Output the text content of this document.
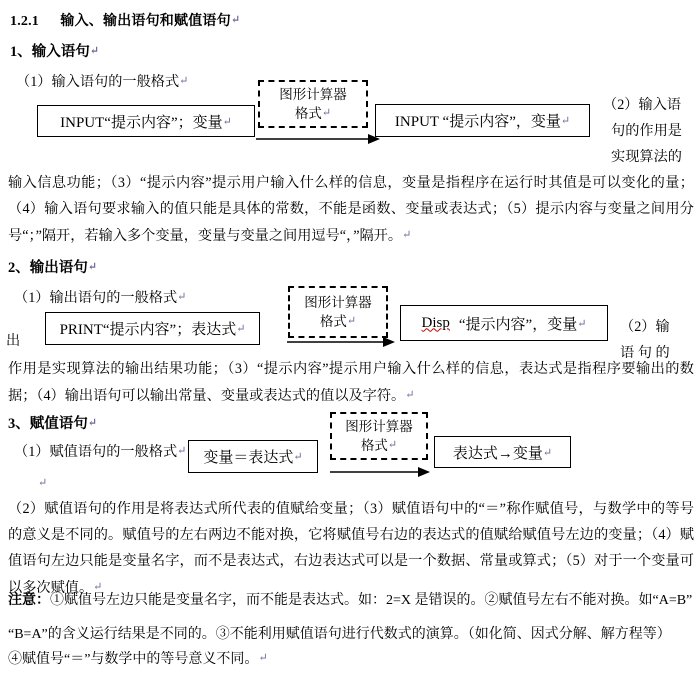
1.2.1 输入、输出语句和赋值语句↵
1、输入语句↵
（1）输入语句的一般格式↵
图形计算器
格式↵
INPUT“提示内容”；变量 ↵	INPUT “提示内容”，变量 ↵
（2）输入语
句的作用是
实现算法的
输入信息功能；（3）“提示内容”提示用户输入什么样的信息，变量是指程序在运行时其值是可以变化的量；（4）输入语句要求输入的值只能是具体的常数，不能是函数、变量或表达式；（5）提示内容与变量之间用分号“；”隔开，若输入多个变量，变量与变量之间用逗号“，”隔开。↵
2、输出语句↵
（1）输出语句的一般格式↵	图形计算器
格式↵
出
PRINT“提示内容”；表达式 ↵	Disp “提示内容”，变量 ↵ （2）输
语 句 的
作用是实现算法的输出结果功能；（3）“提示内容”提示用户输入什么样的信息，表达式是指程序要输出的数据；（4）输出语句可以输出常量、变量或表达式的值以及字符。↵
3、赋值语句↵
（1）赋值语句的一般格式↵
图形计算器
格式↵
变量＝表达式 ↵	表达式→变量 ↵
↵
（2）赋值语句的作用是将表达式所代表的值赋给变量；（3）赋值语句中的“＝”称作赋值号，与数学中的等号的意义是不同的。赋值号的左右两边不能对换，它将赋值号右边的表达式的值赋给赋值号左边的变量；（4）赋值语句左边只能是变量名字，而不是表达式，右边表达式可以是一个数据、常量或算式；（5）对于一个变量可以多次赋值。↵
注意：①赋值号左边只能是变量名字，而不能是表达式。如：2=X 是错误的。②赋值号左右不能对换。如“A=B”
“B=A”的含义运行结果是不同的。③不能利用赋值语句进行代数式的演算。（如化简、因式分解、解方程等）
④赋值号“＝”与数学中的等号意义不同。↵
